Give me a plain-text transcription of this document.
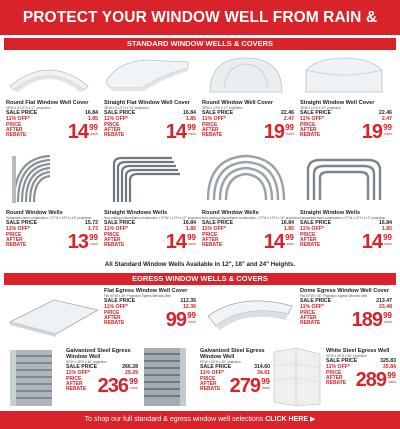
PROTECT YOUR WINDOW WELL FROM RAIN &
STANDARD WINDOW WELLS & COVERS
Round Flat Window Well Cover
38"W x 5-1/2"H x 17" projection
SALE PRICE	16.84
11% OFF*	1.85
PRICE AFTER REBATE 14 99
each
Straight Flat Window Well Cover
38"W x 5-1/2"H x 13" projection
SALE PRICE	16.84
11% OFF*	1.85
PRICE AFTER REBATE 14 99
each
Round Window Well Cover
38"W x 13"H x 17" projection
SALE PRICE	22.46
11% OFF*	2.47
PRICE AFTER REBATE 19 99
each
Straight Window Well Cover
38"W x 10"H x 13" projection
SALE PRICE	22.46
11% OFF*	2.47
PRICE AFTER REBATE 19 99
each
Round Window Wells
Galvanized steel construction • 37"W x 12"H x 16" projection
SALE PRICE	15.72
11% OFF*	1.73
PRICE AFTER REBATE 13 99
each
Straight Windows Wells
Non-rusting polyurethane construction • 37"W x 12"H x 12" projection
SALE PRICE	16.84
11% OFF*	1.85
PRICE AFTER REBATE 14 99
each
Round Window Wells
Non-rusting polyurethane construction • 37"W x 12"H x 16" projection
SALE PRICE	16.84
11% OFF*	1.85
PRICE AFTER REBATE 14 99
each
Straight Window Wells
Galvanized steel construction • 37"W x 12"H x 12" projection
SALE PRICE	16.84
11% OFF*	1.85
PRICE AFTER REBATE 14 99
each
All Standard Window Wells Available in 12", 18" and 24" Heights.
EGRESS WINDOW WELLS & COVERS
Flat Egress Window Well Cover
Fits 50"W x 36" Projection Egress Window Well
SALE PRICE	112.35
11% OFF*	12.36
PRICE AFTER REBATE 99 99
each
Dome Egress Window Well Cover
Fits 50"W x 36" Projection Egress Window Well
SALE PRICE	213.47
11% OFF*	23.48
PRICE AFTER REBATE 189 99
each
Galvanized Steel Egress Window Well
50"W x 48"H x 36" projection
SALE PRICE	266.28
11% OFF*	29.29
PRICE AFTER REBATE 236 99
each
Galvanized Steel Egress Window Well
50"W x 60"H x 36" projection
SALE PRICE	314.60
11% OFF*	34.61
PRICE AFTER REBATE 279 99
each
White Steel Egress Well
50"W x 48"H x 36" projection
SALE PRICE	325.83
11% OFF*	35.84
PRICE AFTER REBATE 289 99
each
To shop our full standard & egress window well selections CLICK HERE ▶
